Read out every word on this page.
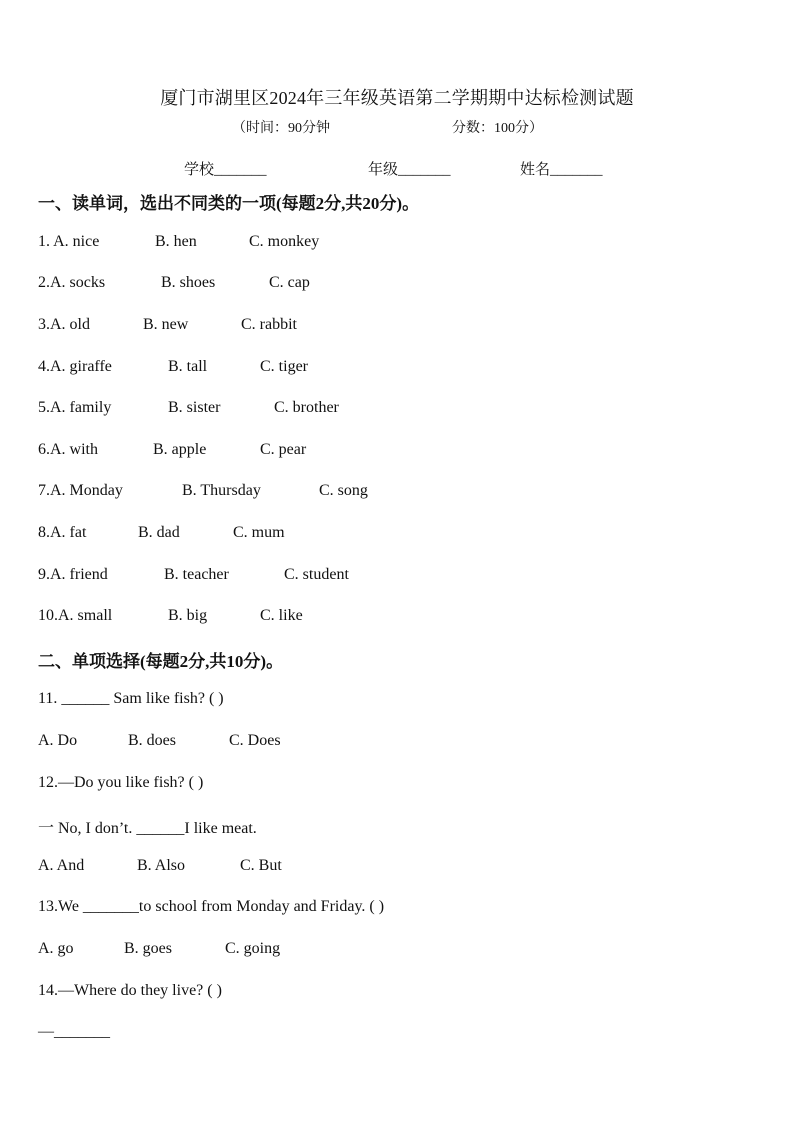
厦门市湖里区2024年三年级英语第二学期期中达标检测试题
（时间：90分钟	分数：100分）
学校_______	年级_______	姓名_______
一、读单词，选出不同类的一项(每题2分,共20分)。
1. A. nice	B. hen	C. monkey
2.A. socks	B. shoes	C. cap
3.A. old	B. new	C. rabbit
4.A. giraffe	B. tall	C. tiger
5.A. family	B. sister	C. brother
6.A. with	B. apple	C. pear
7.A. Monday	B. Thursday	C. song
8.A. fat	B. dad	C. mum
9.A. friend	B. teacher	C. student
10.A. small	B. big	C. like
二、单项选择(每题2分,共10分)。
11. ______ Sam like fish? ( )
A. Do	B. does	C. Does
12.—Do you like fish? ( )
一 No, I don’t. ______I like meat.
A. And	B. Also	C. But
13.We _______to school from Monday and Friday. ( )
A. go	B. goes	C. going
14.—Where do they live? ( )
—_______
